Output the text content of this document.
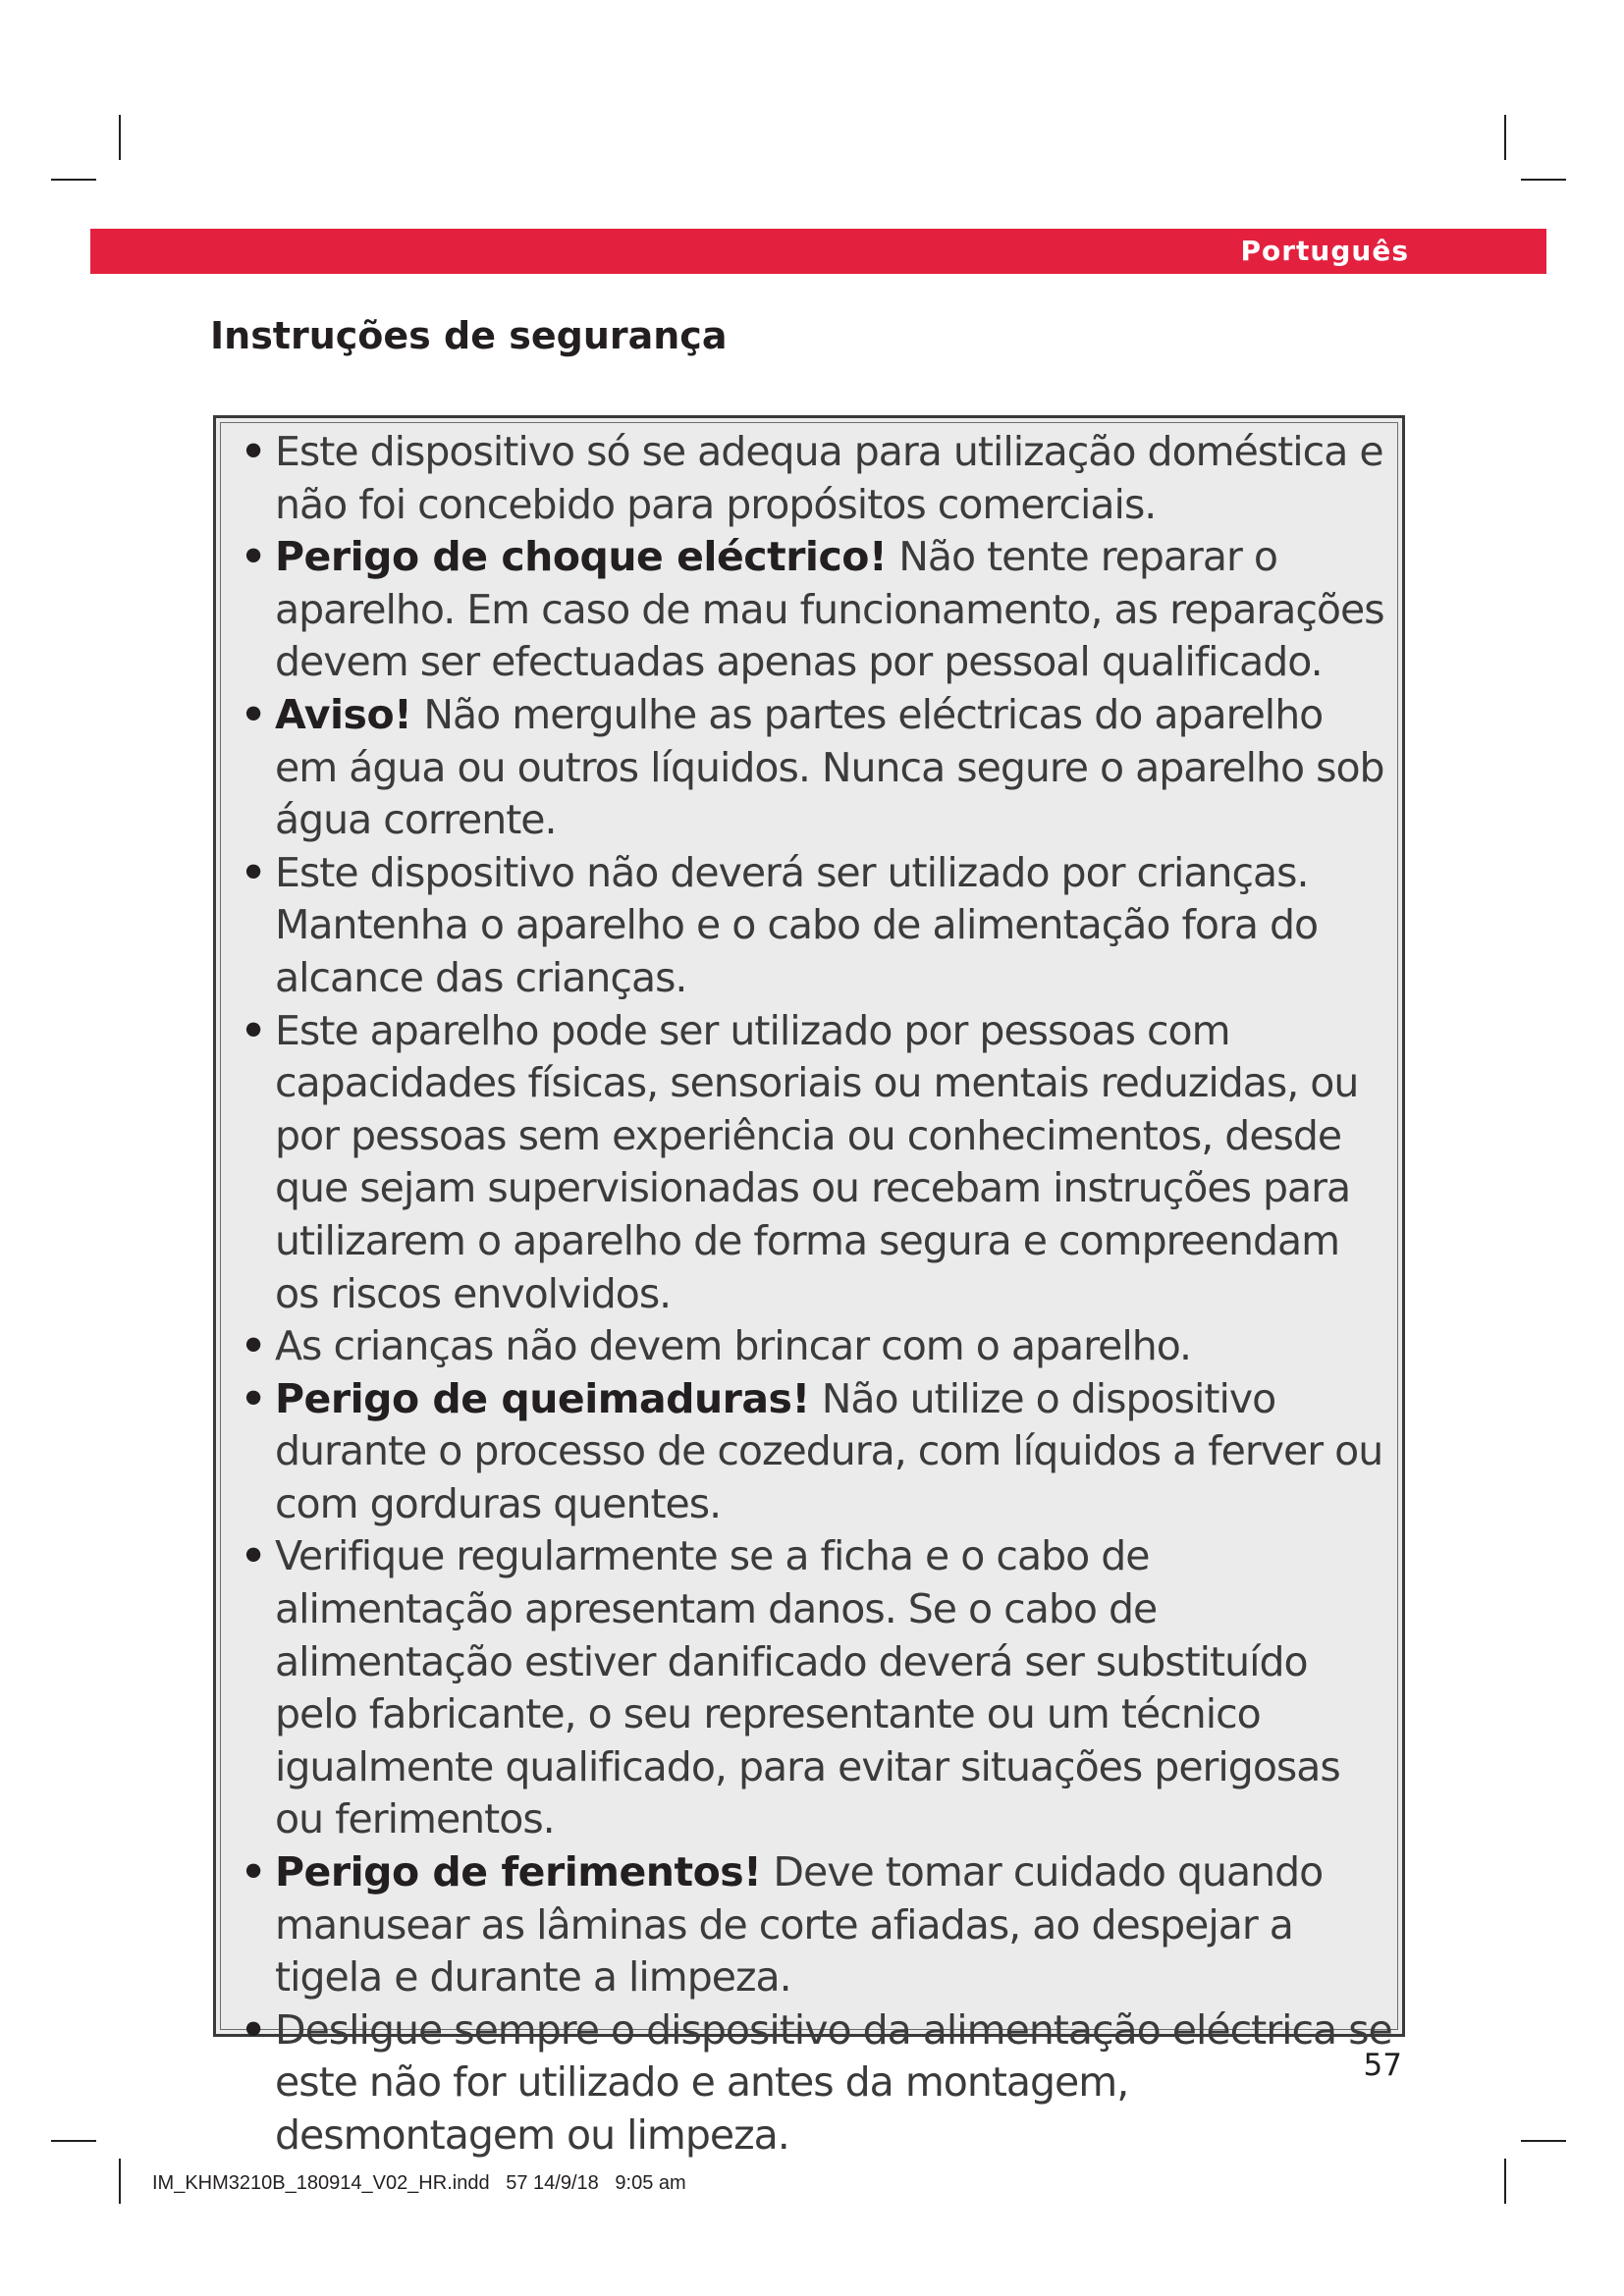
Português
Instruções de segurança
• Este dispositivo só se adequa para utilização doméstica e não foi concebido para propósitos comerciais.
• Perigo de choque eléctrico! Não tente reparar o aparelho. Em caso de mau funcionamento, as reparações devem ser efectuadas apenas por pessoal qualificado.
• Aviso! Não mergulhe as partes eléctricas do aparelho em água ou outros líquidos. Nunca segure o aparelho sob água corrente.
• Este dispositivo não deverá ser utilizado por crianças. Mantenha o aparelho e o cabo de alimentação fora do alcance das crianças.
• Este aparelho pode ser utilizado por pessoas com capacidades físicas, sensoriais ou mentais reduzidas, ou por pessoas sem experiência ou conhecimentos, desde que sejam supervisionadas ou recebam instruções para utilizarem o aparelho de forma segura e compreendam os riscos envolvidos.
• As crianças não devem brincar com o aparelho.
• Perigo de queimaduras! Não utilize o dispositivo durante o processo de cozedura, com líquidos a ferver ou com gorduras quentes.
• Verifique regularmente se a ficha e o cabo de alimentação apresentam danos. Se o cabo de alimentação estiver danificado deverá ser substituído pelo fabricante, o seu representante ou um técnico igualmente qualificado, para evitar situações perigosas ou ferimentos.
• Perigo de ferimentos! Deve tomar cuidado quando manusear as lâminas de corte afiadas, ao despejar a tigela e durante a limpeza.
• Desligue sempre o dispositivo da alimentação eléctrica se este não for utilizado e antes da montagem, desmontagem ou limpeza.
57
IM_KHM3210B_180914_V02_HR.indd   57 14/9/18   9:05 am
